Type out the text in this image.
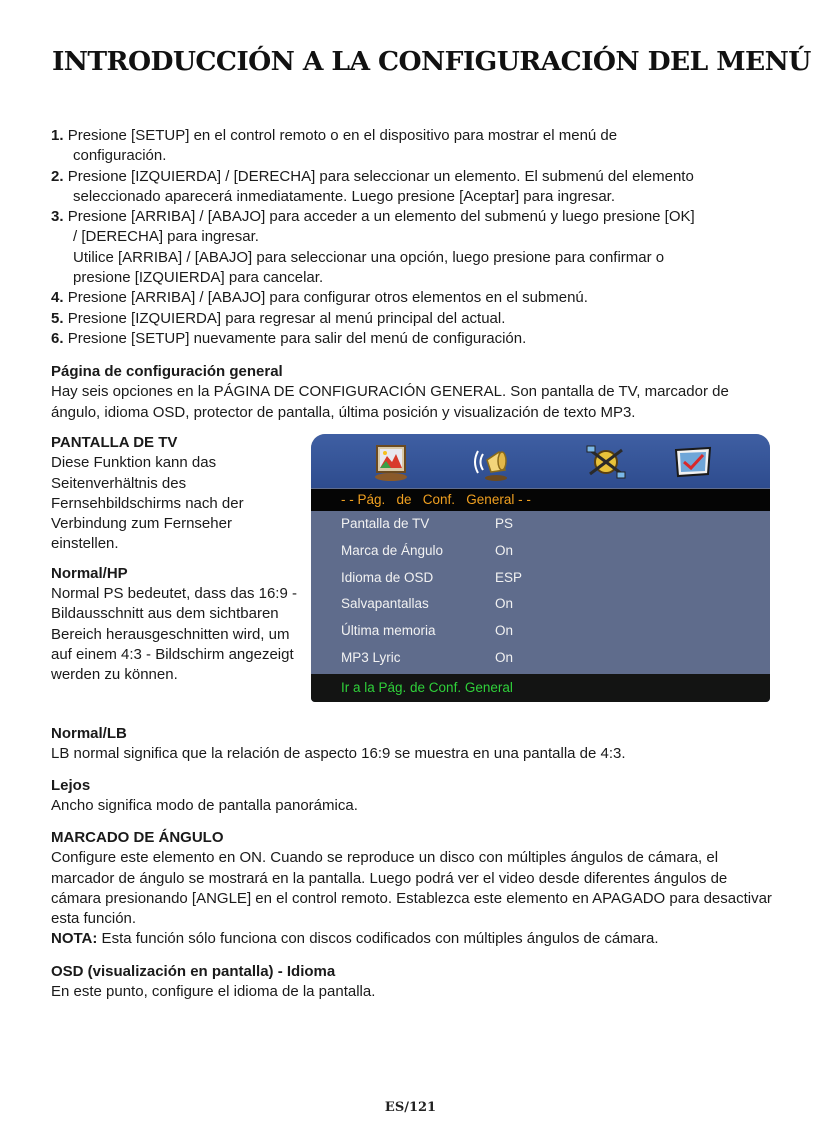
INTRODUCCIÓN A LA CONFIGURACIÓN DEL MENÚ
1. Presione [SETUP] en el control remoto o en el dispositivo para mostrar el menú de
configuración.
2. Presione [IZQUIERDA] / [DERECHA] para seleccionar un elemento. El submenú del elemento
seleccionado aparecerá inmediatamente. Luego presione [Aceptar] para ingresar.
3. Presione [ARRIBA] / [ABAJO] para acceder a un elemento del submenú y luego presione [OK]
/ [DERECHA] para ingresar.
Utilice [ARRIBA] / [ABAJO] para seleccionar una opción, luego presione para confirmar o
presione [IZQUIERDA] para cancelar.
4. Presione [ARRIBA] / [ABAJO] para configurar otros elementos en el submenú.
5. Presione [IZQUIERDA] para regresar al menú principal del actual.
6. Presione [SETUP] nuevamente para salir del menú de configuración.
Página de configuración general

Hay seis opciones en la PÁGINA DE CONFIGURACIÓN GENERAL. Son pantalla de TV, marcador de ángulo, idioma OSD, protector de pantalla, última posición y visualización de texto MP3.

PANTALLA DE TV

Diese Funktion kann das Seitenverhältnis des Fernsehbildschirms nach der Verbindung zum Fernseher einstellen.

Normal/HP

Normal PS bedeutet, dass das 16:9 - Bildausschnitt aus dem sichtbaren Bereich herausgeschnitten wird, um auf einem 4:3 - Bildschirm angezeigt werden zu können.

- - Pág.   de   Conf.   General - -
Pantalla de TV	PS
Marca de Ángulo	On
Idioma de OSD	ESP
Salvapantallas	On
Última memoria	On
MP3 Lyric	On
Ir a la Pág. de Conf. General
Normal/LB

LB normal significa que la relación de aspecto 16:9 se muestra en una pantalla de 4:3.

Lejos

Ancho significa modo de pantalla panorámica.

MARCADO DE ÁNGULO

Configure este elemento en ON. Cuando se reproduce un disco con múltiples ángulos de cámara, el marcador de ángulo se mostrará en la pantalla. Luego podrá ver el video desde diferentes ángulos de cámara presionando [ANGLE] en el control remoto. Establezca este elemento en APAGADO para desactivar esta función.

NOTA: Esta función sólo funciona con discos codificados con múltiples ángulos de cámara.

OSD (visualización en pantalla) - Idioma

En este punto, configure el idioma de la pantalla.

ES/121
